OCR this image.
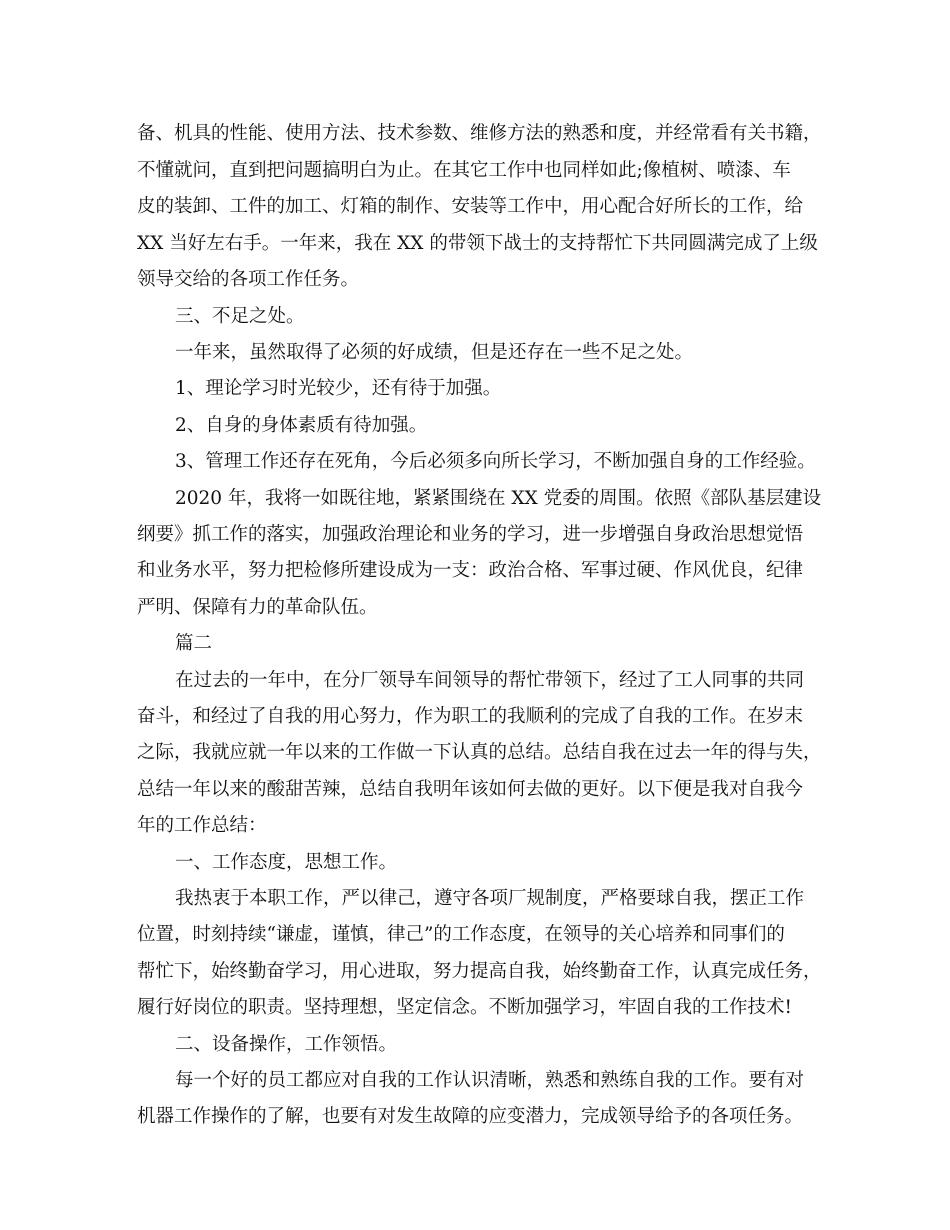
备、机具的性能、使用方法、技术参数、维修方法的熟悉和度，并经常看有关书籍，
不懂就问，直到把问题搞明白为止。在其它工作中也同样如此;像植树、喷漆、车
皮的装卸、工件的加工、灯箱的制作、安装等工作中，用心配合好所长的工作，给
XX 当好左右手。一年来，我在 XX 的带领下战士的支持帮忙下共同圆满完成了上级
领导交给的各项工作任务。
三、不足之处。
一年来，虽然取得了必须的好成绩，但是还存在一些不足之处。
1、理论学习时光较少，还有待于加强。
2、自身的身体素质有待加强。
3、管理工作还存在死角，今后必须多向所长学习，不断加强自身的工作经验。
2020 年，我将一如既往地，紧紧围绕在 XX 党委的周围。依照《部队基层建设
纲要》抓工作的落实，加强政治理论和业务的学习，进一步增强自身政治思想觉悟
和业务水平，努力把检修所建设成为一支：政治合格、军事过硬、作风优良，纪律
严明、保障有力的革命队伍。
篇二
在过去的一年中，在分厂领导车间领导的帮忙带领下，经过了工人同事的共同
奋斗，和经过了自我的用心努力，作为职工的我顺利的完成了自我的工作。在岁末
之际，我就应就一年以来的工作做一下认真的总结。总结自我在过去一年的得与失，
总结一年以来的酸甜苦辣，总结自我明年该如何去做的更好。以下便是我对自我今
年的工作总结：
一、工作态度，思想工作。
我热衷于本职工作，严以律己，遵守各项厂规制度，严格要球自我，摆正工作
位置，时刻持续“谦虚，谨慎，律己”的工作态度，在领导的关心培养和同事们的
帮忙下，始终勤奋学习，用心进取，努力提高自我，始终勤奋工作，认真完成任务，
履行好岗位的职责。坚持理想，坚定信念。不断加强学习，牢固自我的工作技术!
二、设备操作，工作领悟。
每一个好的员工都应对自我的工作认识清晰，熟悉和熟练自我的工作。要有对
机器工作操作的了解，也要有对发生故障的应变潜力，完成领导给予的各项任务。
